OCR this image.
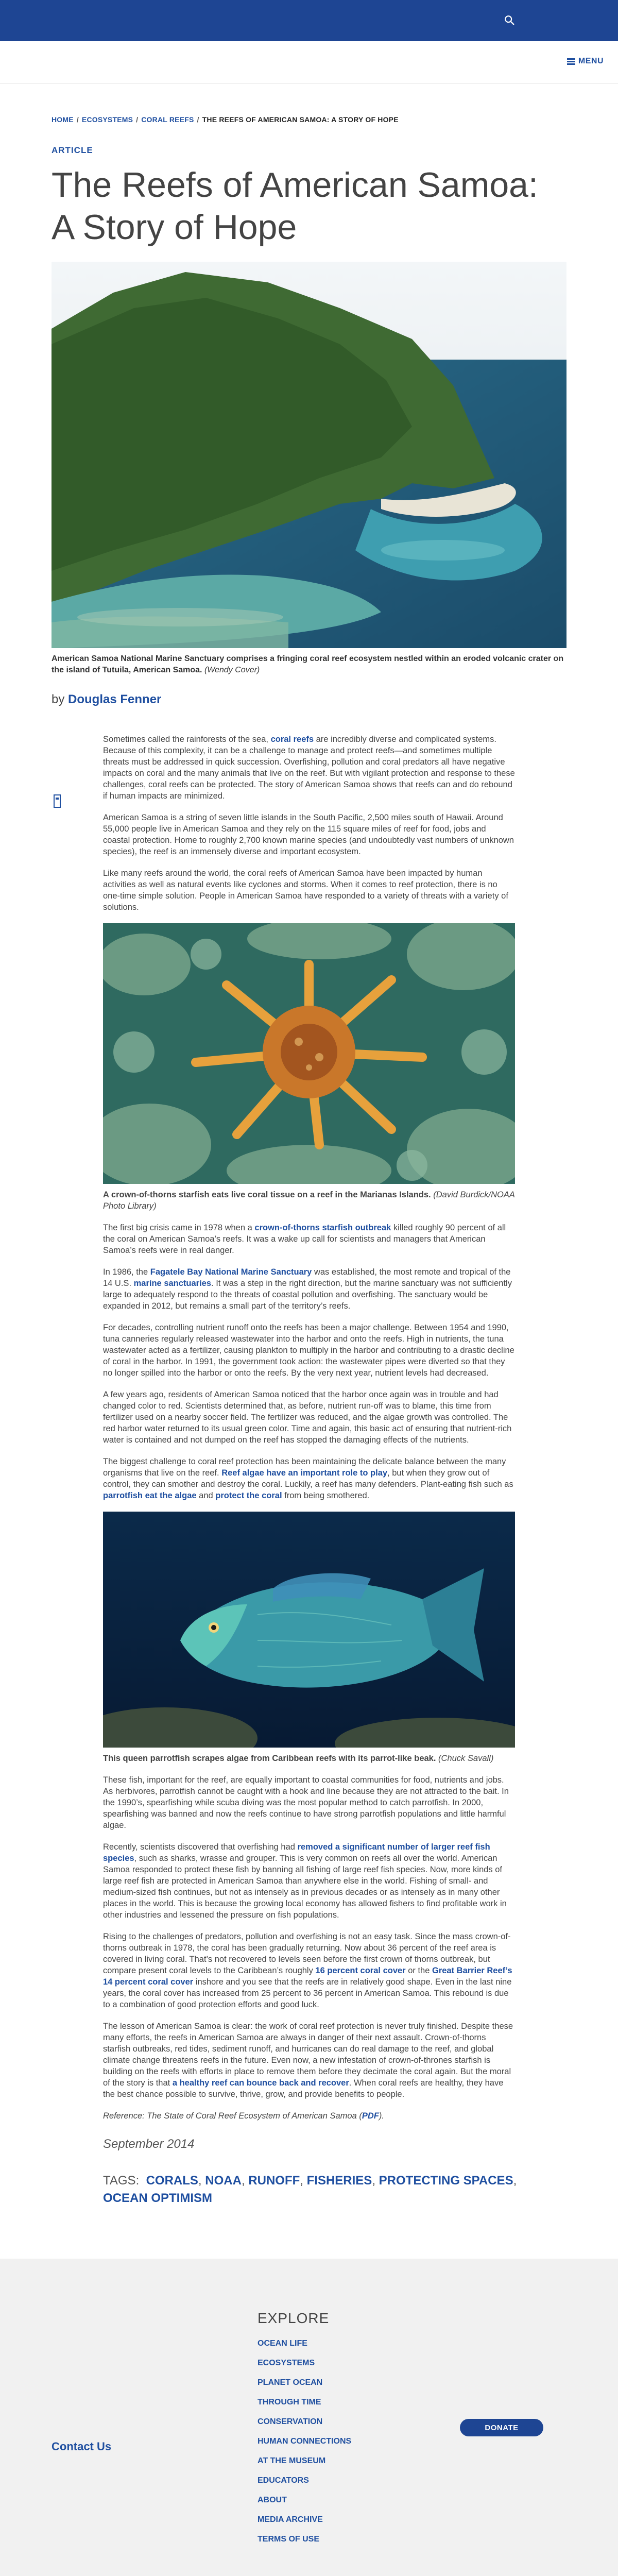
MENU
HOME / ECOSYSTEMS / CORAL REEFS / THE REEFS OF AMERICAN SAMOA: A STORY OF HOPE
ARTICLE
The Reefs of American Samoa: A Story of Hope

American Samoa National Marine Sanctuary comprises a fringing coral reef ecosystem nestled within an eroded volcanic crater on the island of Tutuila, American Samoa. (Wendy Cover)

by Douglas Fenner

Sometimes called the rainforests of the sea, coral reefs are incredibly diverse and complicated systems. Because of this complexity, it can be a challenge to manage and protect reefs—and sometimes multiple threats must be addressed in quick succession. Overfishing, pollution and coral predators all have negative impacts on coral and the many animals that live on the reef. But with vigilant protection and response to these challenges, coral reefs can be protected. The story of American Samoa shows that reefs can and do rebound if human impacts are minimized.

American Samoa is a string of seven little islands in the South Pacific, 2,500 miles south of Hawaii. Around 55,000 people live in American Samoa and they rely on the 115 square miles of reef for food, jobs and coastal protection. Home to roughly 2,700 known marine species (and undoubtedly vast numbers of unknown species), the reef is an immensely diverse and important ecosystem.

Like many reefs around the world, the coral reefs of American Samoa have been impacted by human activities as well as natural events like cyclones and storms. When it comes to reef protection, there is no one-time simple solution. People in American Samoa have responded to a variety of threats with a variety of solutions.

A crown-of-thorns starfish eats live coral tissue on a reef in the Marianas Islands. (David Burdick/NOAA Photo Library)

The first big crisis came in 1978 when a crown-of-thorns starfish outbreak killed roughly 90 percent of all the coral on American Samoa’s reefs. It was a wake up call for scientists and managers that American Samoa’s reefs were in real danger.

In 1986, the Fagatele Bay National Marine Sanctuary was established, the most remote and tropical of the 14 U.S. marine sanctuaries. It was a step in the right direction, but the marine sanctuary was not sufficiently large to adequately respond to the threats of coastal pollution and overfishing. The sanctuary would be expanded in 2012, but remains a small part of the territory’s reefs.

For decades, controlling nutrient runoff onto the reefs has been a major challenge. Between 1954 and 1990, tuna canneries regularly released wastewater into the harbor and onto the reefs. High in nutrients, the tuna wastewater acted as a fertilizer, causing plankton to multiply in the harbor and contributing to a drastic decline of coral in the harbor. In 1991, the government took action: the wastewater pipes were diverted so that they no longer spilled into the harbor or onto the reefs. By the very next year, nutrient levels had decreased.

A few years ago, residents of American Samoa noticed that the harbor once again was in trouble and had changed color to red. Scientists determined that, as before, nutrient run-off was to blame, this time from fertilizer used on a nearby soccer field. The fertilizer was reduced, and the algae growth was controlled. The red harbor water returned to its usual green color. Time and again, this basic act of ensuring that nutrient-rich water is contained and not dumped on the reef has stopped the damaging effects of the nutrients.

The biggest challenge to coral reef protection has been maintaining the delicate balance between the many organisms that live on the reef. Reef algae have an important role to play, but when they grow out of control, they can smother and destroy the coral. Luckily, a reef has many defenders. Plant-eating fish such as parrotfish eat the algae and protect the coral from being smothered.

This queen parrotfish scrapes algae from Caribbean reefs with its parrot-like beak. (Chuck Savall)

These fish, important for the reef, are equally important to coastal communities for food, nutrients and jobs. As herbivores, parrotfish cannot be caught with a hook and line because they are not attracted to the bait. In the 1990’s, spearfishing while scuba diving was the most popular method to catch parrotfish. In 2000, spearfishing was banned and now the reefs continue to have strong parrotfish populations and little harmful algae.

Recently, scientists discovered that overfishing had removed a significant number of larger reef fish species, such as sharks, wrasse and grouper. This is very common on reefs all over the world. American Samoa responded to protect these fish by banning all fishing of large reef fish species. Now, more kinds of large reef fish are protected in American Samoa than anywhere else in the world. Fishing of small- and medium-sized fish continues, but not as intensely as in previous decades or as intensely as in many other places in the world. This is because the growing local economy has allowed fishers to find profitable work in other industries and lessened the pressure on fish populations.

Rising to the challenges of predators, pollution and overfishing is not an easy task. Since the mass crown-of-thorns outbreak in 1978, the coral has been gradually returning. Now about 36 percent of the reef area is covered in living coral. That’s not recovered to levels seen before the first crown of thorns outbreak, but compare present coral levels to the Caribbean’s roughly 16 percent coral cover or the Great Barrier Reef’s 14 percent coral cover inshore and you see that the reefs are in relatively good shape. Even in the last nine years, the coral cover has increased from 25 percent to 36 percent in American Samoa. This rebound is due to a combination of good protection efforts and good luck.

The lesson of American Samoa is clear: the work of coral reef protection is never truly finished. Despite these many efforts, the reefs in American Samoa are always in danger of their next assault. Crown-of-thorns starfish outbreaks, red tides, sediment runoff, and hurricanes can do real damage to the reef, and global climate change threatens reefs in the future. Even now, a new infestation of crown-of-thrones starfish is building on the reefs with efforts in place to remove them before they decimate the coral again. But the moral of the story is that a healthy reef can bounce back and recover. When coral reefs are healthy, they have the best chance possible to survive, thrive, grow, and provide benefits to people.

Reference: The State of Coral Reef Ecosystem of American Samoa (PDF).

September 2014
TAGS: CORALS, NOAA, RUNOFF, FISHERIES, PROTECTING SPACES, OCEAN OPTIMISM
EXPLORE
OCEAN LIFE
ECOSYSTEMS
PLANET OCEAN
THROUGH TIME
CONSERVATION
HUMAN CONNECTIONS
AT THE MUSEUM
EDUCATORS
ABOUT
MEDIA ARCHIVE
TERMS OF USE
Contact Us
DONATE
